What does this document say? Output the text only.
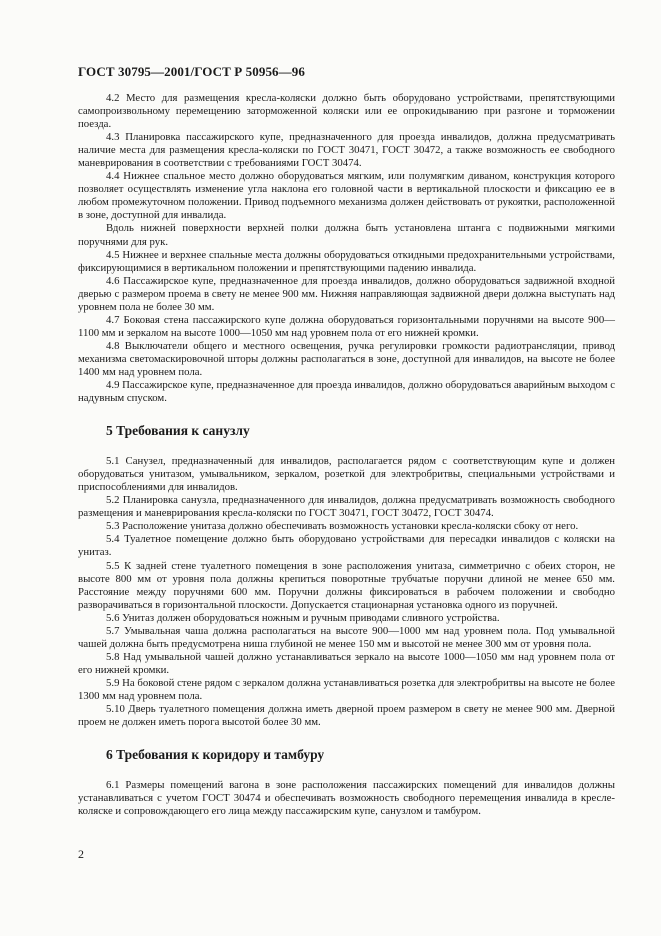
ГОСТ 30795—2001/ГОСТ Р 50956—96

4.2 Место для размещения кресла-коляски должно быть оборудовано устройствами, препятствующими самопроизвольному перемещению заторможенной коляски или ее опрокидыванию при разгоне и торможении поезда.

4.3 Планировка пассажирского купе, предназначенного для проезда инвалидов, должна предусматривать наличие места для размещения кресла-коляски по ГОСТ 30471, ГОСТ 30472, а также возможность ее свободного маневрирования в соответствии с требованиями ГОСТ 30474.

4.4 Нижнее спальное место должно оборудоваться мягким, или полумягким диваном, конструкция которого позволяет осуществлять изменение угла наклона его головной части в вертикальной плоскости и фиксацию ее в любом промежуточном положении. Привод подъемного механизма должен действовать от рукоятки, расположенной в зоне, доступной для инвалида.

Вдоль нижней поверхности верхней полки должна быть установлена штанга с подвижными мягкими поручнями для рук.

4.5 Нижнее и верхнее спальные места должны оборудоваться откидными предохранительными устройствами, фиксирующимися в вертикальном положении и препятствующими падению инвалида.

4.6 Пассажирское купе, предназначенное для проезда инвалидов, должно оборудоваться задвижной входной дверью с размером проема в свету не менее 900 мм. Нижняя направляющая задвижной двери должна выступать над уровнем пола не более 30 мм.

4.7 Боковая стена пассажирского купе должна оборудоваться горизонтальными поручнями на высоте 900—1100 мм и зеркалом на высоте 1000—1050 мм над уровнем пола от его нижней кромки.

4.8 Выключатели общего и местного освещения, ручка регулировки громкости радиотрансляции, привод механизма светомаскировочной шторы должны располагаться в зоне, доступной для инвалидов, на высоте не более 1400 мм над уровнем пола.

4.9 Пассажирское купе, предназначенное для проезда инвалидов, должно оборудоваться аварийным выходом с надувным спуском.

5 Требования к санузлу

5.1 Санузел, предназначенный для инвалидов, располагается рядом с соответствующим купе и должен оборудоваться унитазом, умывальником, зеркалом, розеткой для электробритвы, специальными устройствами и приспособлениями для инвалидов.

5.2 Планировка санузла, предназначенного для инвалидов, должна предусматривать возможность свободного размещения и маневрирования кресла-коляски по ГОСТ 30471, ГОСТ 30472, ГОСТ 30474.

5.3 Расположение унитаза должно обеспечивать возможность установки кресла-коляски сбоку от него.

5.4 Туалетное помещение должно быть оборудовано устройствами для пересадки инвалидов с коляски на унитаз.

5.5 К задней стене туалетного помещения в зоне расположения унитаза, симметрично с обеих сторон, не высоте 800 мм от уровня пола должны крепиться поворотные трубчатые поручни длиной не менее 650 мм. Расстояние между поручнями 600 мм. Поручни должны фиксироваться в рабочем положении и свободно разворачиваться в горизонтальной плоскости. Допускается стационарная установка одного из поручней.

5.6 Унитаз должен оборудоваться ножным и ручным приводами сливного устройства.

5.7 Умывальная чаша должна располагаться на высоте 900—1000 мм над уровнем пола. Под умывальной чашей должна быть предусмотрена ниша глубиной не менее 150 мм и высотой не менее 300 мм от уровня пола.

5.8 Над умывальной чашей должно устанавливаться зеркало на высоте 1000—1050 мм над уровнем пола от его нижней кромки.

5.9 На боковой стене рядом с зеркалом должна устанавливаться розетка для электробритвы на высоте не более 1300 мм над уровнем пола.

5.10 Дверь туалетного помещения должна иметь дверной проем размером в свету не менее 900 мм. Дверной проем не должен иметь порога высотой более 30 мм.

6 Требования к коридору и тамбуру

6.1 Размеры помещений вагона в зоне расположения пассажирских помещений для инвалидов должны устанавливаться с учетом ГОСТ 30474 и обеспечивать возможность свободного перемещения инвалида в кресле-коляске и сопровождающего его лица между пассажирским купе, санузлом и тамбуром.

2
